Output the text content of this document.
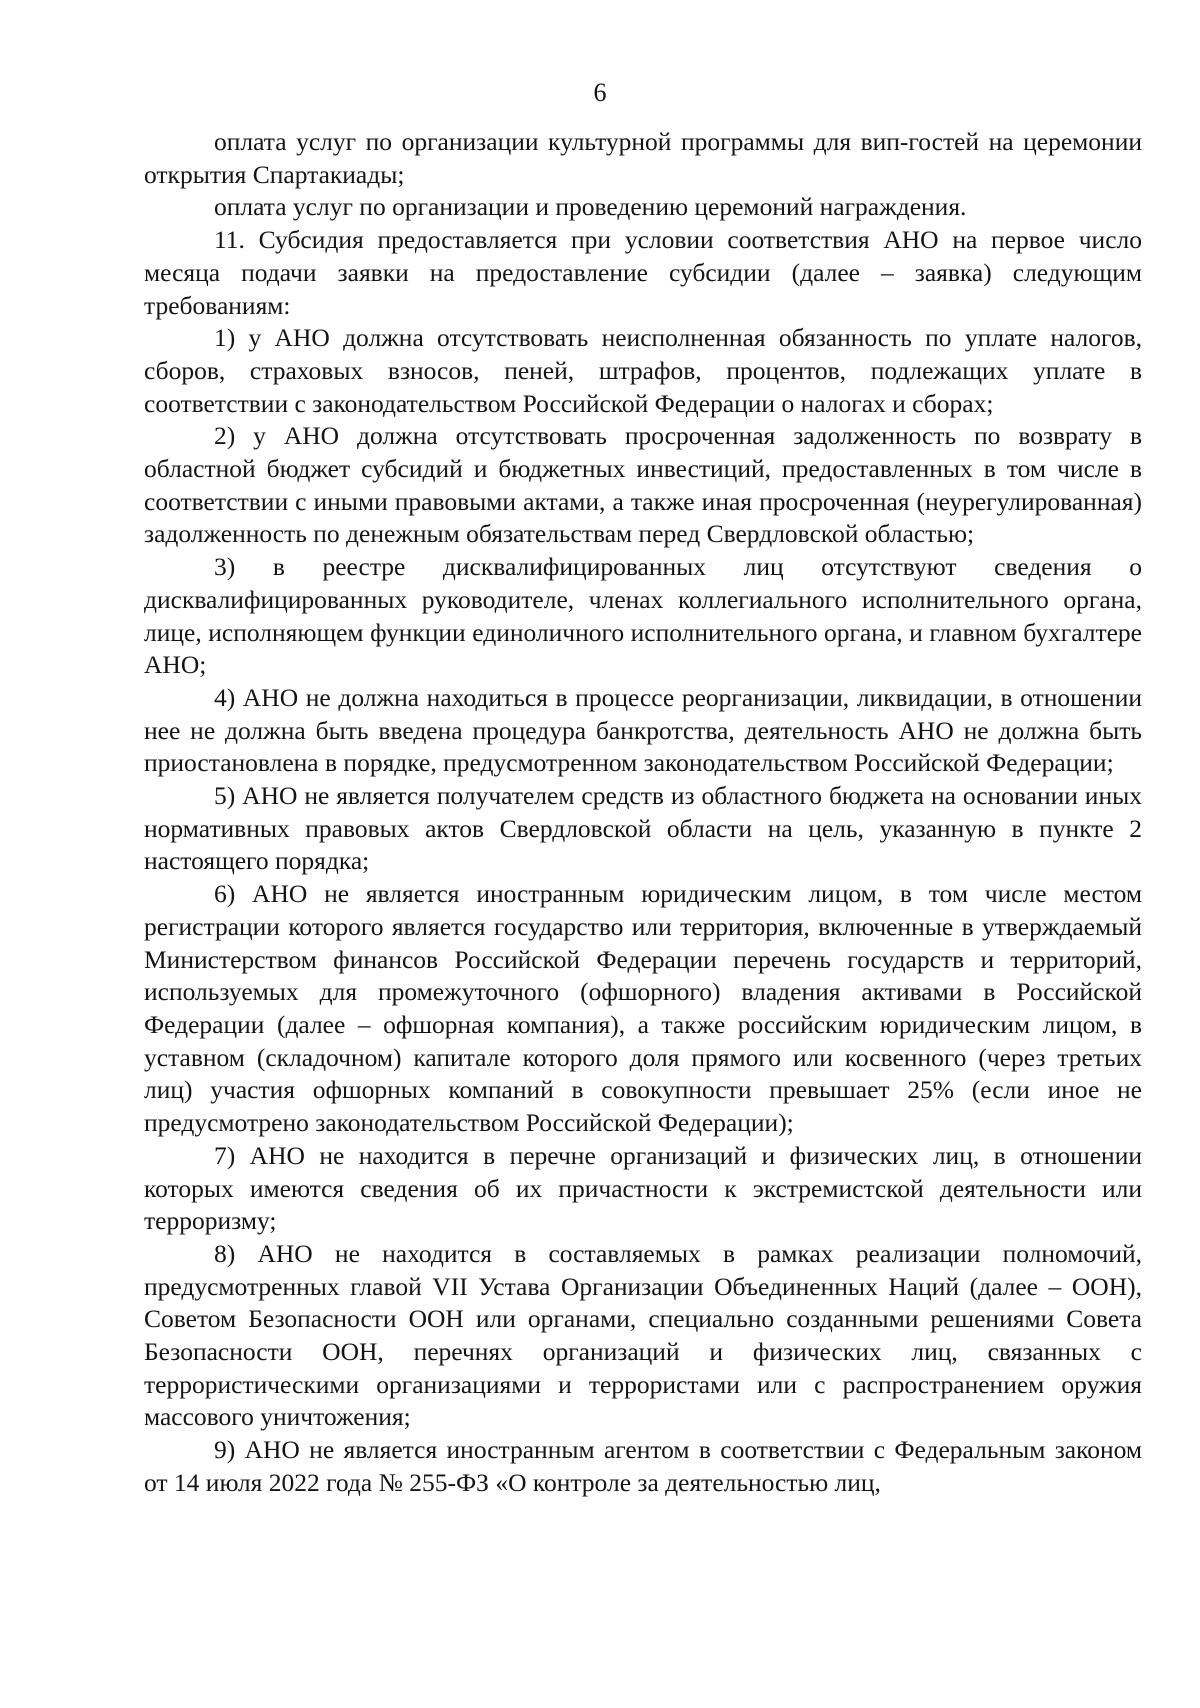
6

оплата услуг по организации культурной программы для вип-гостей на церемонии открытия Спартакиады;

оплата услуг по организации и проведению церемоний награждения.

11. Субсидия предоставляется при условии соответствия АНО на первое число месяца подачи заявки на предоставление субсидии (далее – заявка) следующим требованиям:

1) у АНО должна отсутствовать неисполненная обязанность по уплате налогов, сборов, страховых взносов, пеней, штрафов, процентов, подлежащих уплате в соответствии с законодательством Российской Федерации о налогах и сборах;

2) у АНО должна отсутствовать просроченная задолженность по возврату в областной бюджет субсидий и бюджетных инвестиций, предоставленных в том числе в соответствии с иными правовыми актами, а также иная просроченная (неурегулированная) задолженность по денежным обязательствам перед Свердловской областью;

3) в реестре дисквалифицированных лиц отсутствуют сведения о дисквалифицированных руководителе, членах коллегиального исполнительного органа, лице, исполняющем функции единоличного исполнительного органа, и главном бухгалтере АНО;

4) АНО не должна находиться в процессе реорганизации, ликвидации, в отношении нее не должна быть введена процедура банкротства, деятельность АНО не должна быть приостановлена в порядке, предусмотренном законодательством Российской Федерации;

5) АНО не является получателем средств из областного бюджета на основании иных нормативных правовых актов Свердловской области на цель, указанную в пункте 2 настоящего порядка;

6) АНО не является иностранным юридическим лицом, в том числе местом регистрации которого является государство или территория, включенные в утверждаемый Министерством финансов Российской Федерации перечень государств и территорий, используемых для промежуточного (офшорного) владения активами в Российской Федерации (далее – офшорная компания), а также российским юридическим лицом, в уставном (складочном) капитале которого доля прямого или косвенного (через третьих лиц) участия офшорных компаний в совокупности превышает 25% (если иное не предусмотрено законодательством Российской Федерации);

7) АНО не находится в перечне организаций и физических лиц, в отношении которых имеются сведения об их причастности к экстремистской деятельности или терроризму;

8) АНО не находится в составляемых в рамках реализации полномочий, предусмотренных главой VII Устава Организации Объединенных Наций (далее – ООН), Советом Безопасности ООН или органами, специально созданными решениями Совета Безопасности ООН, перечнях организаций и физических лиц, связанных с террористическими организациями и террористами или с распространением оружия массового уничтожения;

9) АНО не является иностранным агентом в соответствии с Федеральным законом от 14 июля 2022 года № 255-ФЗ «О контроле за деятельностью лиц,
